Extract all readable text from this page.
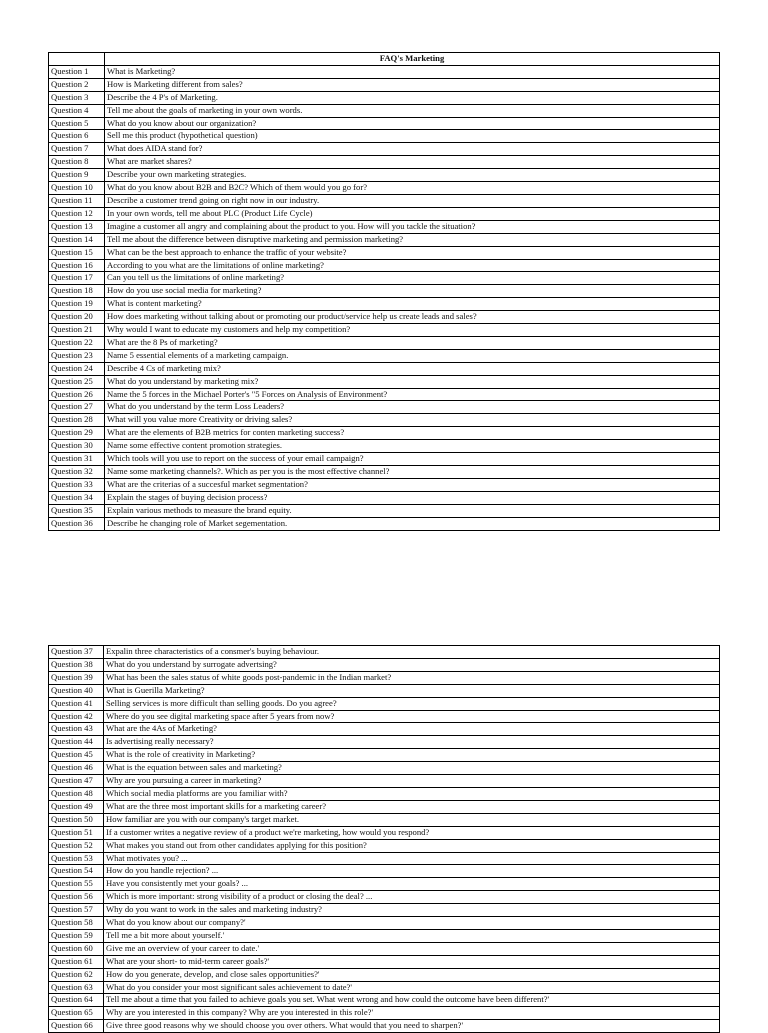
	FAQ's Marketing
Question 1	What is Marketing?
Question 2	How is Marketing different from sales?
Question 3	Describe the 4 P's of Marketing.
Question 4	Tell me about the goals of marketing in your own words.
Question 5	What do you know about our organization?
Question 6	Sell me this product (hypothetical question)
Question 7	What does AIDA stand for?
Question 8	What are market shares?
Question 9	Describe your own marketing strategies.
Question 10	What do you know about B2B and B2C? Which of them would you go for?
Question 11	Describe a customer trend going on right now in our industry.
Question 12	In your own words, tell me about PLC (Product Life Cycle)
Question 13	Imagine a customer all angry and complaining about the product to you. How will you tackle the situation?
Question 14	Tell me about the difference between disruptive marketing and permission marketing?
Question 15	What can be the best approach to enhance the traffic of your website?
Question 16	According to you what are the limitations of online marketing?
Question 17	Can you tell us the limitations of online marketing?
Question 18	How do you use social media for marketing?
Question 19	What is content marketing?
Question 20	How does marketing without talking about or promoting our product/service help us create leads and sales?
Question 21	Why would I want to educate my customers and help my competition?
Question 22	What are the 8 Ps of marketing?
Question 23	Name 5 essential elements of a marketing campaign.
Question 24	Describe 4 Cs of marketing mix?
Question 25	What do you understand by marketing mix?
Question 26	Name the 5 forces in the Michael Porter's "5 Forces on Analysis of Environment?
Question 27	What do you understand by the term Loss Leaders?
Question 28	What will you value more Creativity or driving sales?
Question 29	What are the elements of B2B metrics for conten marketing success?
Question 30	Name some effective content promotion strategies.
Question 31	Which tools will you use to report on the success of your email campaign?
Question 32	Name some marketing channels?. Which as per you is the most effective channel?
Question 33	What are the criterias of a succesful market segmentation?
Question 34	Explain the stages of buying decision process?
Question 35	Explain various methods to measure the brand equity.
Question 36	Describe he changing role of Market segementation.
Question 37	Expalin three characteristics of a consmer's buying behaviour.
Question 38	What do you understand by surrogate advertsing?
Question 39	What has been the sales status of white goods post-pandemic in the Indian market?
Question 40	What is Guerilla Marketing?
Question 41	Selling services is more difficult than selling goods. Do you agree?
Question 42	Where do you see digital marketing space after 5 years from now?
Question 43	What are the 4As of Marketing?
Question 44	Is advertising really necessary?
Question 45	What is the role of creativity in Marketing?
Question 46	What is the equation between sales and marketing?
Question 47	Why are you pursuing a career in marketing?
Question 48	Which social media platforms are you familiar with?
Question 49	What are the three most important skills for a marketing career?
Question 50	How familiar are you with our company's target market.
Question 51	If a customer writes a negative review of a product we're marketing, how would you respond?
Question 52	What makes you stand out from other candidates applying for this position?
Question 53	What motivates you? ...
Question 54	How do you handle rejection? ...
Question 55	Have you consistently met your goals? ...
Question 56	Which is more important: strong visibility of a product or closing the deal? ...
Question 57	Why do you want to work in the sales and marketing industry?
Question 58	What do you know about our company?'
Question 59	Tell me a bit more about yourself.'
Question 60	Give me an overview of your career to date.'
Question 61	What are your short- to mid-term career goals?'
Question 62	How do you generate, develop, and close sales opportunities?'
Question 63	What do you consider your most significant sales achievement to date?'
Question 64	Tell me about a time that you failed to achieve goals you set. What went wrong and how could the outcome have been different?'
Question 65	Why are you interested in this company? Why are you interested in this role?'
Question 66	Give three good reasons why we should choose you over others. What would that you need to sharpen?'
